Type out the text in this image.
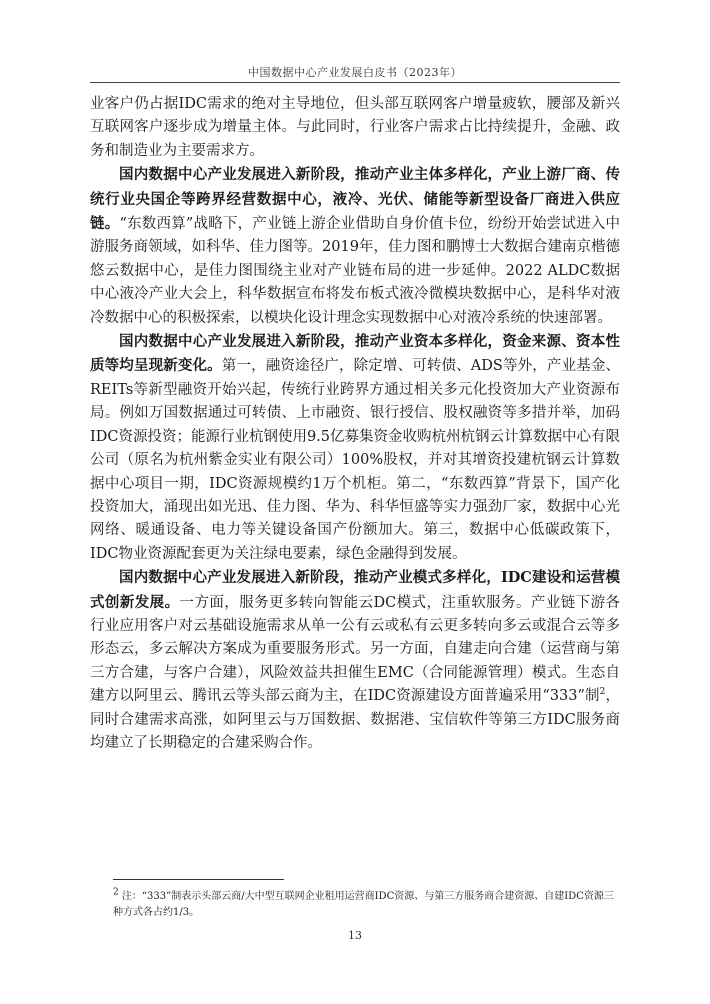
中国数据中心产业发展白皮书（2023年）

业客户仍占据IDC需求的绝对主导地位，但头部互联网客户增量疲软，腰部及新兴互联网客户逐步成为增量主体。与此同时，行业客户需求占比持续提升，金融、政务和制造业为主要需求方。

国内数据中心产业发展进入新阶段，推动产业主体多样化，产业上游厂商、传统行业央国企等跨界经营数据中心，液冷、光伏、储能等新型设备厂商进入供应链。“东数西算”战略下，产业链上游企业借助自身价值卡位，纷纷开始尝试进入中游服务商领域，如科华、佳力图等。2019年，佳力图和鹏博士大数据合建南京楷德悠云数据中心，是佳力图围绕主业对产业链布局的进一步延伸。2022 ALDC数据中心液冷产业大会上，科华数据宣布将发布板式液冷微模块数据中心，是科华对液冷数据中心的积极探索，以模块化设计理念实现数据中心对液冷系统的快速部署。

国内数据中心产业发展进入新阶段，推动产业资本多样化，资金来源、资本性质等均呈现新变化。第一，融资途径广，除定增、可转债、ADS等外，产业基金、REITs等新型融资开始兴起，传统行业跨界方通过相关多元化投资加大产业资源布局。例如万国数据通过可转债、上市融资、银行授信、股权融资等多措并举，加码IDC资源投资；能源行业杭钢使用9.5亿募集资金收购杭州杭钢云计算数据中心有限公司（原名为杭州紫金实业有限公司）100%股权，并对其增资投建杭钢云计算数据中心项目一期，IDC资源规模约1万个机柜。第二，“东数西算”背景下，国产化投资加大，涌现出如光迅、佳力图、华为、科华恒盛等实力强劲厂家，数据中心光网络、暖通设备、电力等关键设备国产份额加大。第三，数据中心低碳政策下，IDC物业资源配套更为关注绿电要素，绿色金融得到发展。

国内数据中心产业发展进入新阶段，推动产业模式多样化，IDC建设和运营模式创新发展。一方面，服务更多转向智能云DC模式，注重软服务。产业链下游各行业应用客户对云基础设施需求从单一公有云或私有云更多转向多云或混合云等多形态云，多云解决方案成为重要服务形式。另一方面，自建走向合建（运营商与第三方合建，与客户合建），风险效益共担催生EMC（合同能源管理）模式。生态自建方以阿里云、腾讯云等头部云商为主，在IDC资源建设方面普遍采用“333”制$^2$，同时合建需求高涨，如阿里云与万国数据、数据港、宝信软件等第三方IDC服务商均建立了长期稳定的合建采购合作。

$^2$ 注：“333”制表示头部云商/大中型互联网企业租用运营商IDC资源、与第三方服务商合建资源、自建IDC资源三种方式各占约1/3。
13
